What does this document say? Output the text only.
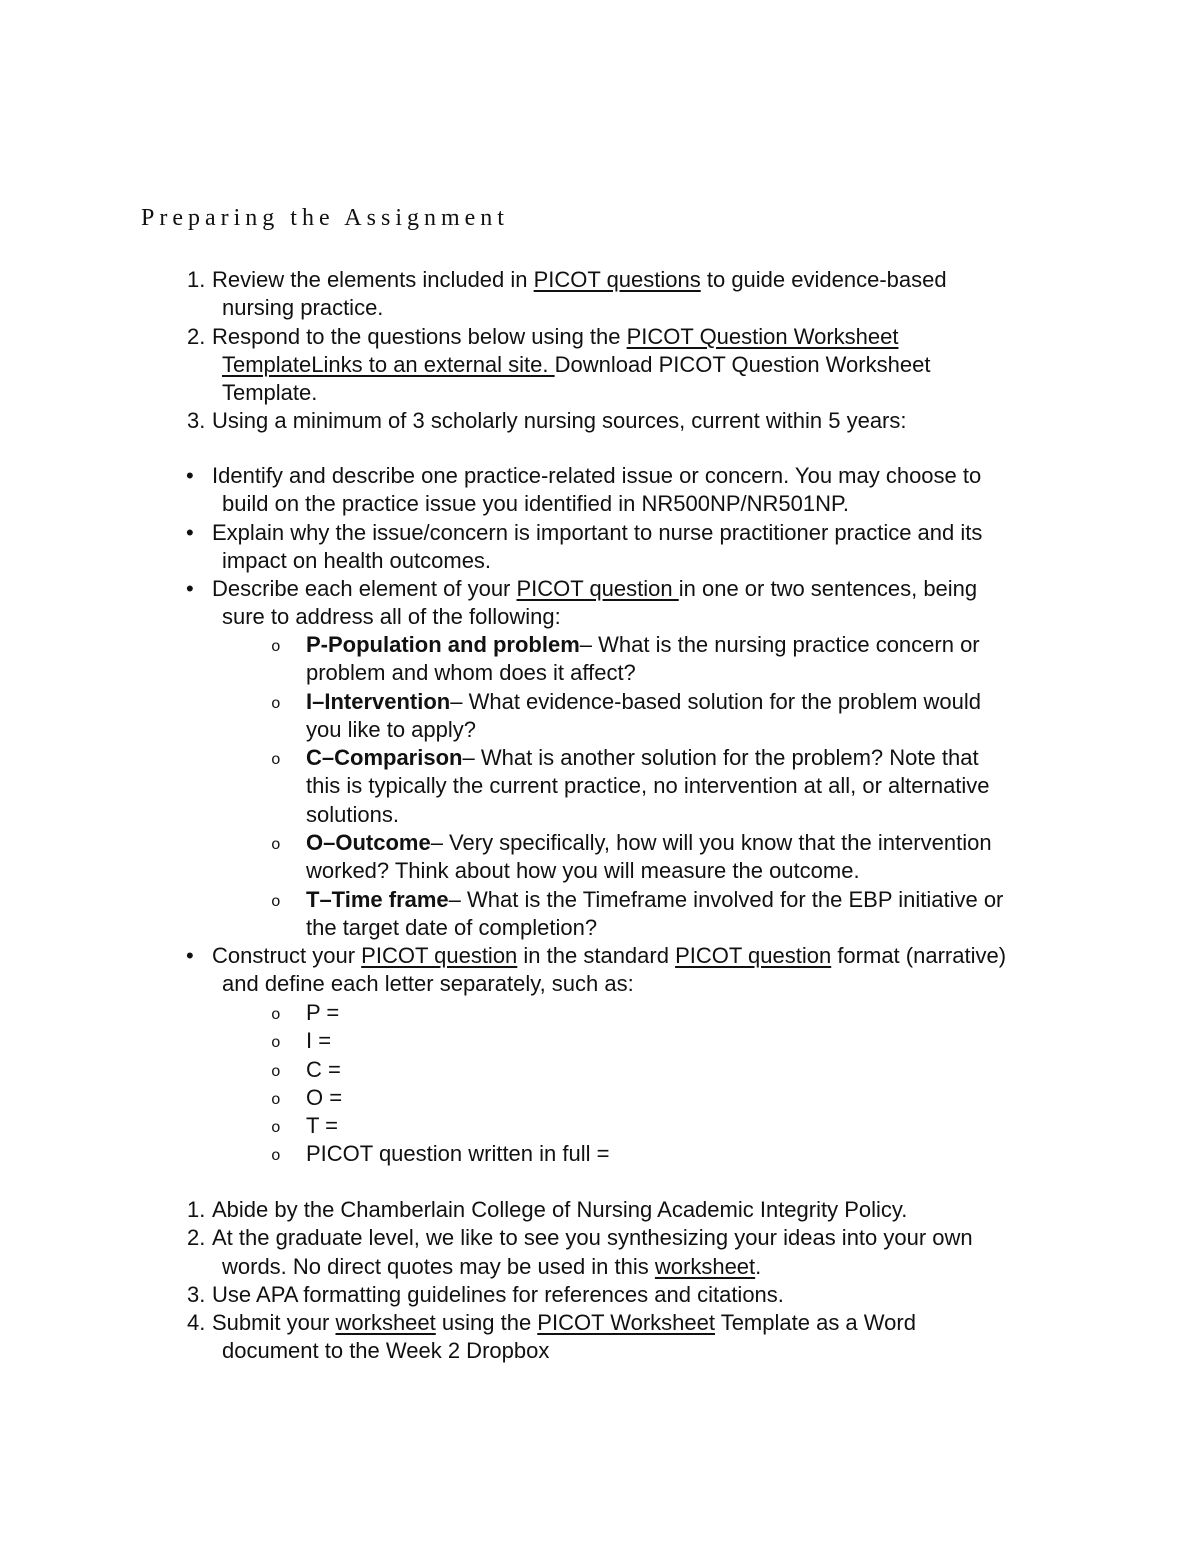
Preparing the Assignment
1. Review the elements included in PICOT questions to guide evidence-based
nursing practice.
2. Respond to the questions below using the PICOT Question Worksheet
TemplateLinks to an external site. Download PICOT Question Worksheet
Template.
3. Using a minimum of 3 scholarly nursing sources, current within 5 years:
• Identify and describe one practice-related issue or concern. You may choose to
build on the practice issue you identified in NR500NP/NR501NP.
• Explain why the issue/concern is important to nurse practitioner practice and its
impact on health outcomes.
• Describe each element of your PICOT question in one or two sentences, being
sure to address all of the following:
o P-Population and problem– What is the nursing practice concern or
problem and whom does it affect?
o I–Intervention– What evidence-based solution for the problem would
you like to apply?
o C–Comparison– What is another solution for the problem? Note that
this is typically the current practice, no intervention at all, or alternative
solutions.
o O–Outcome– Very specifically, how will you know that the intervention
worked? Think about how you will measure the outcome.
o T–Time frame– What is the Timeframe involved for the EBP initiative or
the target date of completion?
• Construct your PICOT question in the standard PICOT question format (narrative)
and define each letter separately, such as:
o P =
o I =
o C =
o O =
o T =
o PICOT question written in full =
1. Abide by the Chamberlain College of Nursing Academic Integrity Policy.
2. At the graduate level, we like to see you synthesizing your ideas into your own
words. No direct quotes may be used in this worksheet.
3. Use APA formatting guidelines for references and citations.
4. Submit your worksheet using the PICOT Worksheet Template as a Word
document to the Week 2 Dropbox
